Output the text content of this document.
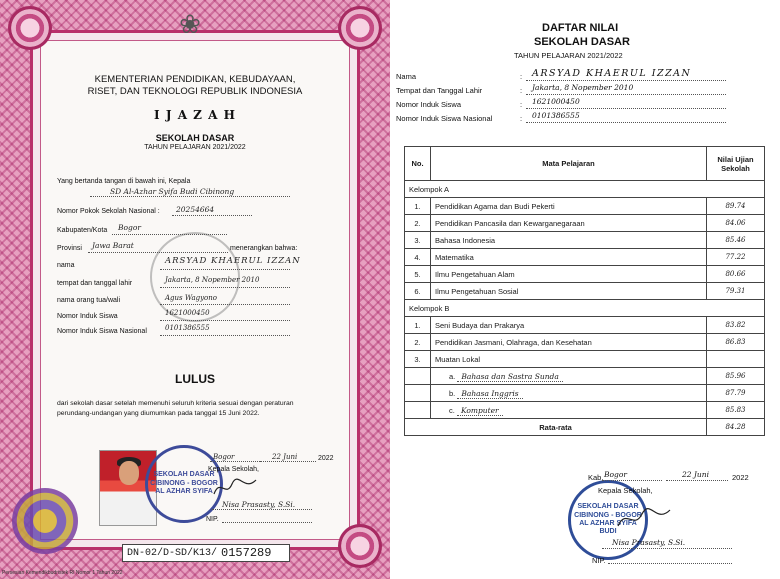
❀
KEMENTERIAN PENDIDIKAN, KEBUDAYAAN,
RISET, DAN TEKNOLOGI REPUBLIK INDONESIA
I J A Z A H
SEKOLAH DASAR
TAHUN PELAJARAN 2021/2022
Yang bertanda tangan di bawah ini, Kepala
SD Al-Azhar Syifa Budi Cibinong
Nomor Pokok Sekolah Nasional : 20254664
Kabupaten/Kota Bogor
Provinsi Jawa Barat	menerangkan bahwa:
nama	ARSYAD KHAERUL IZZAN
tempat dan tanggal lahir	Jakarta, 8 Nopember 2010
nama orang tua/wali	Agus Wagyono
Nomor Induk Siswa	1621000450
Nomor Induk Siswa Nasional	0101386555
LULUS
dari sekolah dasar setelah memenuhi seluruh kriteria sesuai dengan peraturan
perundang-undangan yang diumumkan pada tanggal 15 Juni 2022.
SEKOLAH DASAR CIBINONG - BOGOR AL AZHAR SYIFA
Bogor	22 Juni	2022
Kepala Sekolah,
Nisa Prasasty, S.Si.
NIP.
DN-02/D-SD/K13/ 0157289
Persesian Kemendikbudristek RI Nomor 1 Tahun 2022
DAFTAR NILAI
SEKOLAH DASAR
TAHUN PELAJARAN 2021/2022
Nama	: ARSYAD KHAERUL IZZAN
Tempat dan Tanggal Lahir	: Jakarta, 8 Nopember 2010
Nomor Induk Siswa	: 1621000450
Nomor Induk Siswa Nasional	: 0101386555
No.	Mata Pelajaran	Nilai Ujian
Sekolah
Kelompok A		
1.	Pendidikan Agama dan Budi Pekerti	89.74
2.	Pendidikan Pancasila dan Kewarganegaraan	84.06
3.	Bahasa Indonesia	85.46
4.	Matematika	77.22
5.	Ilmu Pengetahuan Alam	80.66
6.	Ilmu Pengetahuan Sosial	79.31
Kelompok B		
1.	Seni Budaya dan Prakarya	83.82
2.	Pendidikan Jasmani, Olahraga, dan Kesehatan	86.83
3.	Muatan Lokal	
	a. Bahasa dan Sastra Sunda	85.96
	b. Bahasa Inggris	87.79
	c. Komputer	85.83
Rata-rata		84.28
SEKOLAH DASAR CIBINONG - BOGOR AL AZHAR SYIFA BUDI
Kab. Bogor	22 Juni	2022
Kepala Sekolah,
Nisa Prasasty, S.Si.
NIP.
